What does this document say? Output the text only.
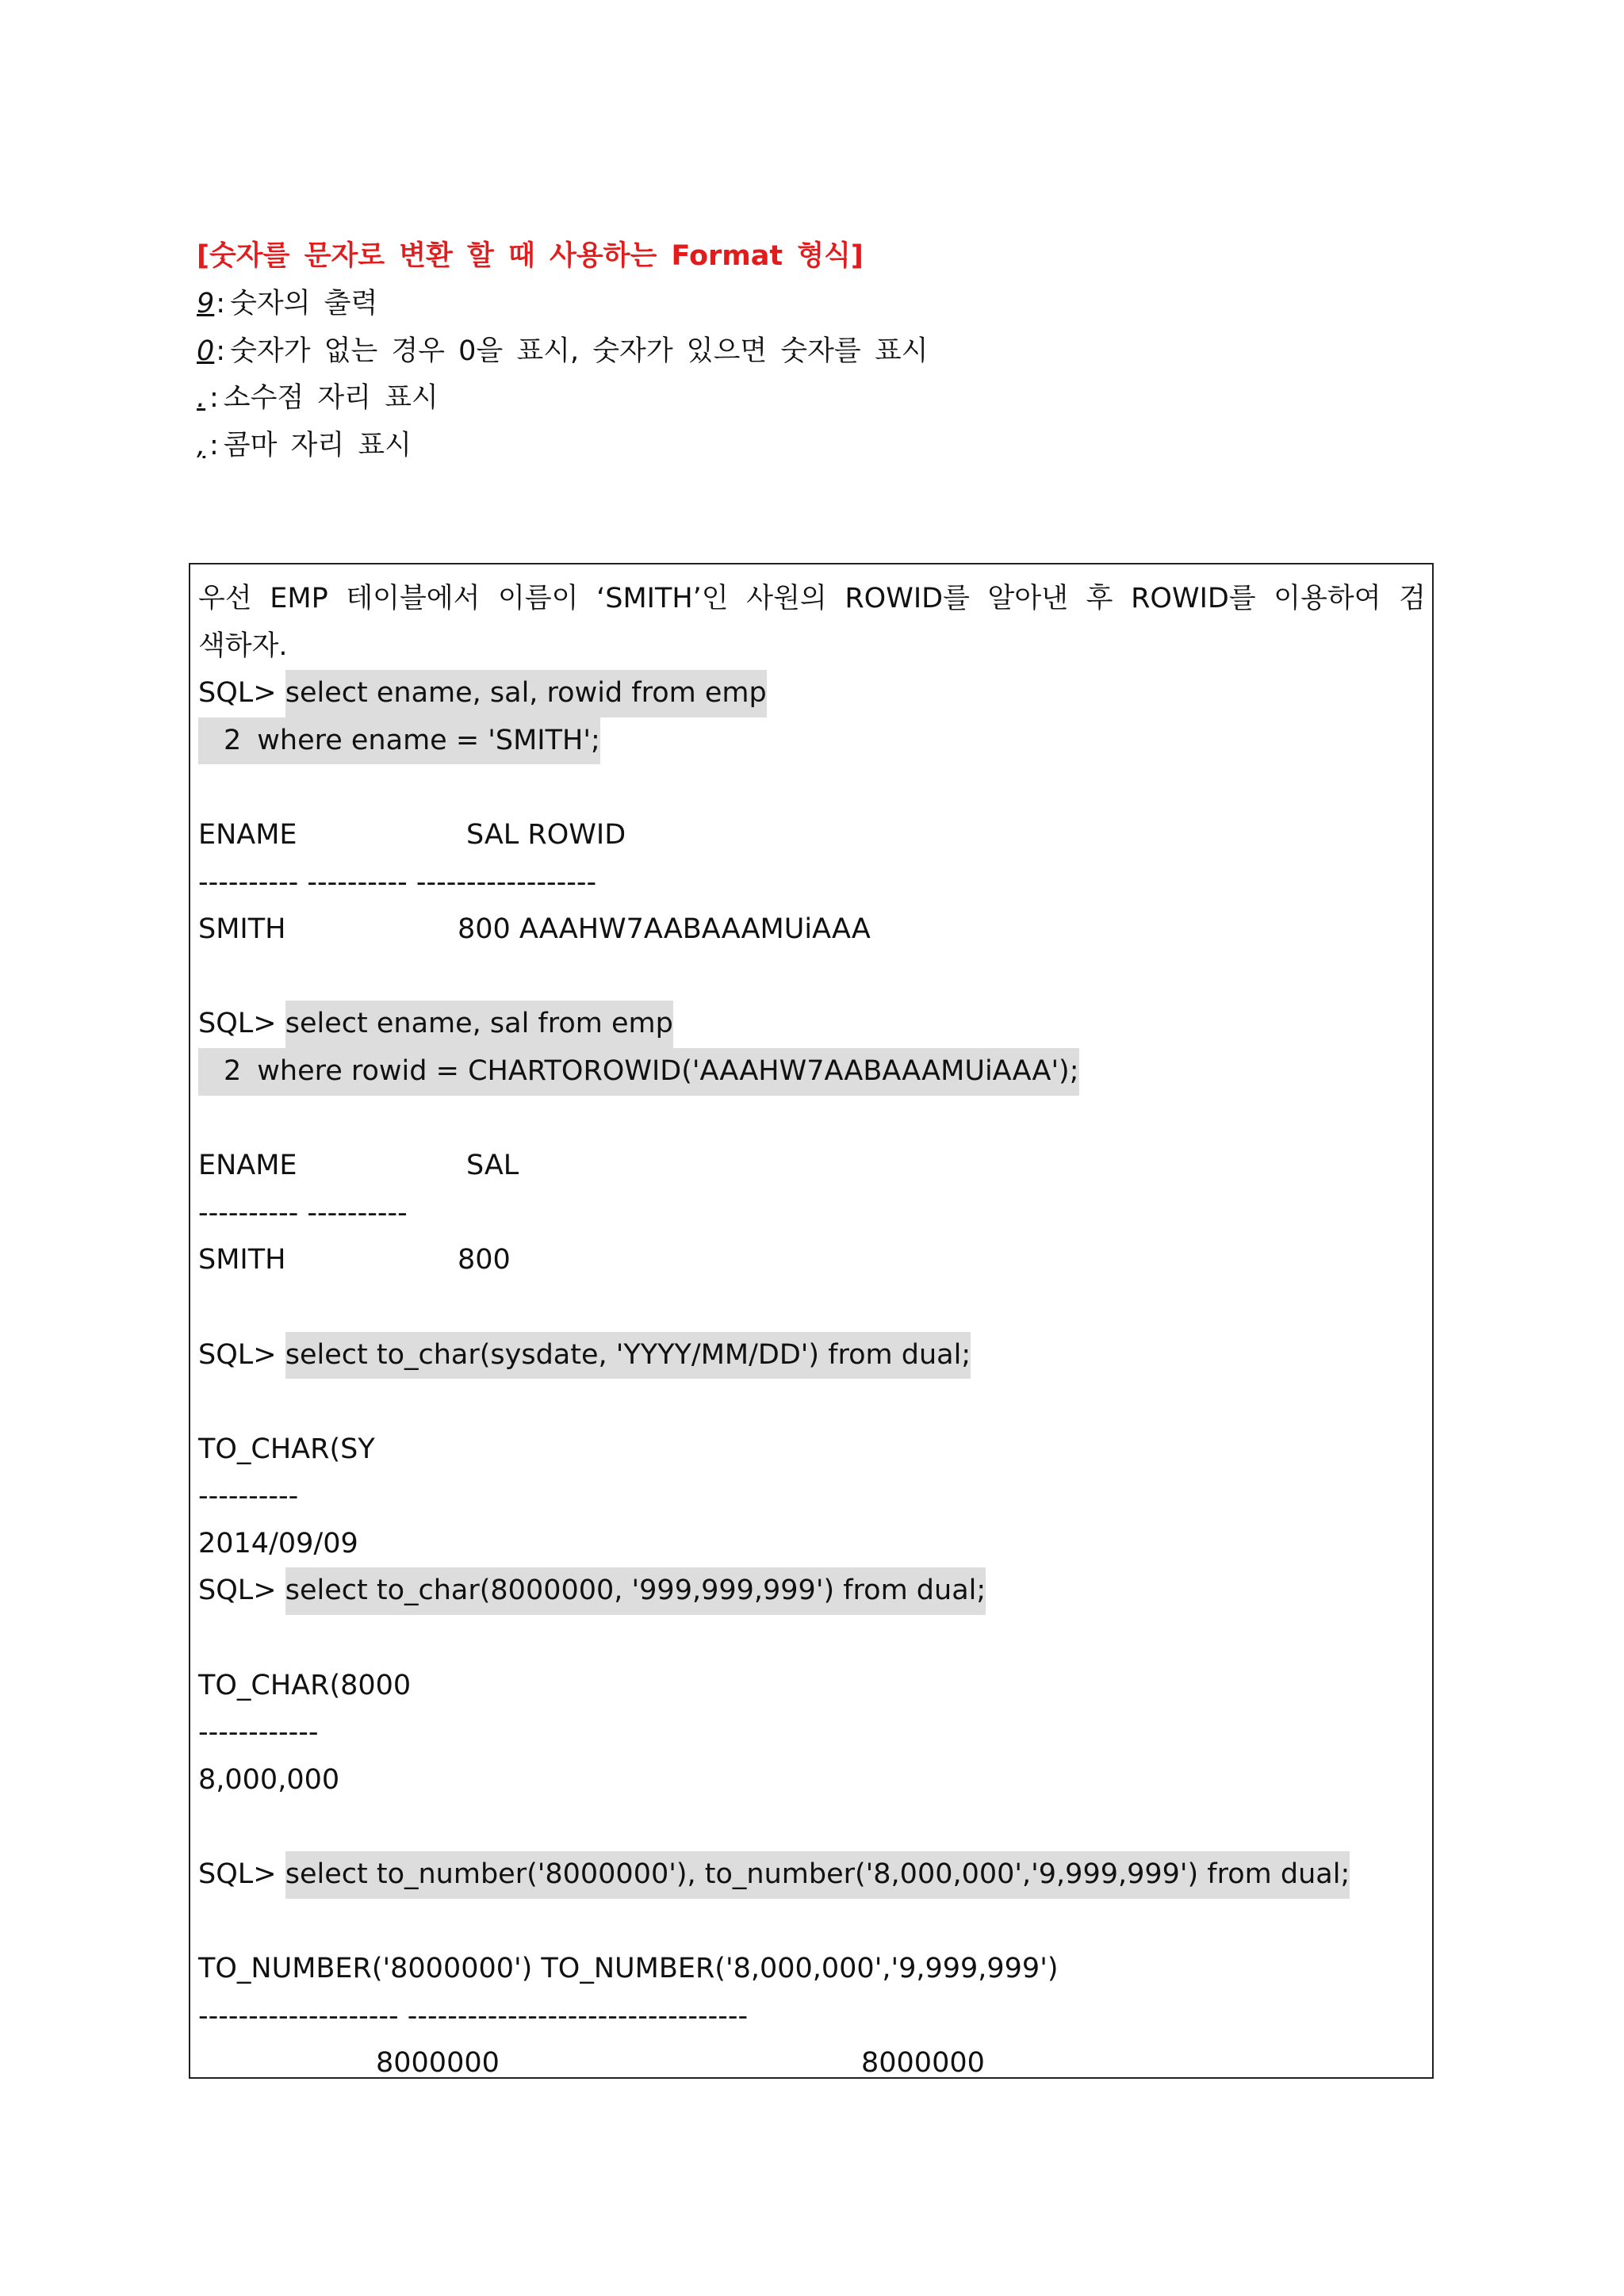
[숫자를 문자로 변환 할 때 사용하는 Format 형식]
9: 숫자의 출력
0: 숫자가 없는 경우 0을 표시, 숫자가 있으면 숫자를 표시
. : 소수점 자리 표시
, : 콤마 자리 표시
우선 EMP 테이블에서 이름이 ‘SMITH’인 사원의 ROWID를 알아낸 후 ROWID를 이용하여 검색하자.
SQL> select ename, sal, rowid from emp
2 where ename = 'SMITH';
ENAME	SAL ROWID
---------- ---------- ------------------
SMITH	800 AAAHW7AABAAAMUiAAA
SQL> select ename, sal from emp
2 where rowid = CHARTOROWID('AAAHW7AABAAAMUiAAA');
ENAME	SAL
---------- ----------
SMITH	800
SQL> select to_char(sysdate, 'YYYY/MM/DD') from dual;
TO_CHAR(SY
----------
2014/09/09
SQL> select to_char(8000000, '999,999,999') from dual;
TO_CHAR(8000
------------
8,000,000
SQL> select to_number('8000000'), to_number('8,000,000','9,999,999') from dual;
TO_NUMBER('8000000') TO_NUMBER('8,000,000','9,999,999')
-------------------- ----------------------------------
8000000	8000000
